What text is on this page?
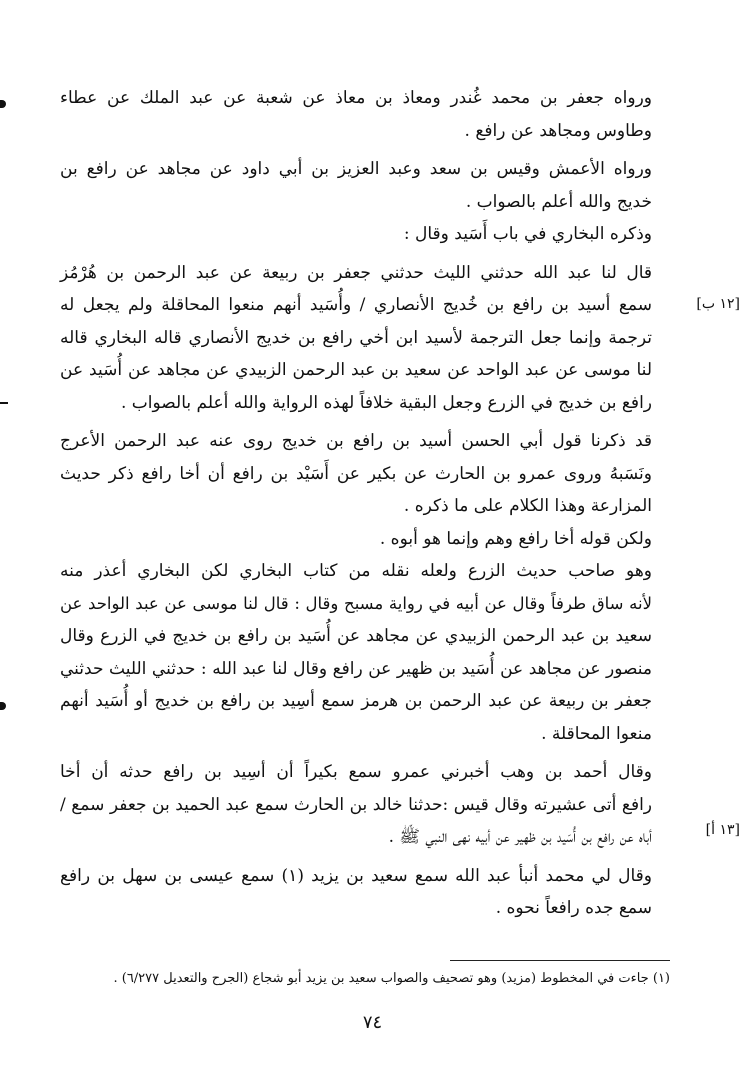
ورواه جعفر بن محمد غُندر ومعاذ بن معاذ عن شعبة عن عبد الملك عن عطاء
وطاوس ومجاهد عن رافع .

ورواه الأعمش وقيس بن سعد وعبد العزيز بن أبي داود عن مجاهد عن رافع بن
خديج والله أعلم بالصواب .

وذكره البخاري في باب أَسَيد وقال :

قال لنا عبد الله حدثني الليث حدثني جعفر بن ربيعة عن عبد الرحمن بن هُرْمُز
سمع أسيد بن رافع بن خُديج الأنصاري / وأُسَيد أنهم منعوا المحاقلة ولم يجعل له
ترجمة وإنما جعل الترجمة لأسيد ابن أخي رافع بن خديج الأنصاري قاله البخاري قاله
لنا موسى عن عبد الواحد عن سعيد بن عبد الرحمن الزبيدي عن مجاهد عن أُسَيد عن
رافع بن خديج في الزرع وجعل البقية خلافاً لهذه الرواية والله أعلم بالصواب .

قد ذكرنا قول أبي الحسن أسيد بن رافع بن خديج روى عنه عبد الرحمن الأعرج
ونَسَبهُ وروى عمرو بن الحارث عن بكير عن أَسَيْد بن رافع أن أخا رافع ذكر حديث
المزارعة وهذا الكلام على ما ذكره .

ولكن قوله أخا رافع وهم وإنما هو أبوه .

وهو صاحب حديث الزرع ولعله نقله من كتاب البخاري لكن البخاري أعذر منه
لأنه ساق طرفاً وقال عن أبيه في رواية مسبح وقال : قال لنا موسى عن عبد الواحد عن
سعيد بن عبد الرحمن الزبيدي عن مجاهد عن أُسَيد بن رافع بن خديج في الزرع وقال
منصور عن مجاهد عن أُسَيد بن ظهير عن رافع وقال لنا عبد الله : حدثني الليث حدثني
جعفر بن ربيعة عن عبد الرحمن بن هرمز سمع أسِيد بن رافع بن خديج أو أُسَيد أنهم
منعوا المحاقلة .

وقال أحمد بن وهب أخبرني عمرو سمع بكيراً أن أسِيد بن رافع حدثه أن أخا
رافع أتى عشيرته وقال قيس :حدثنا خالد بن الحارث سمع عبد الحميد بن جعفر سمع /
أباه عن رافع بن أُسَيد بن ظهير عن أبيه نهى النبي ﷺ .

وقال لي محمد أنبأ عبد الله سمع سعيد بن يزيد (١) سمع عيسى بن سهل بن رافع
سمع جده رافعاً نحوه .

[١٢ ب]
[١٣ أ]
(١) جاءت في المخطوط (مزيد) وهو تصحيف والصواب سعيد بن يزيد أبو شجاع (الجرح والتعديل ٦/٢٧٧) .
٧٤
